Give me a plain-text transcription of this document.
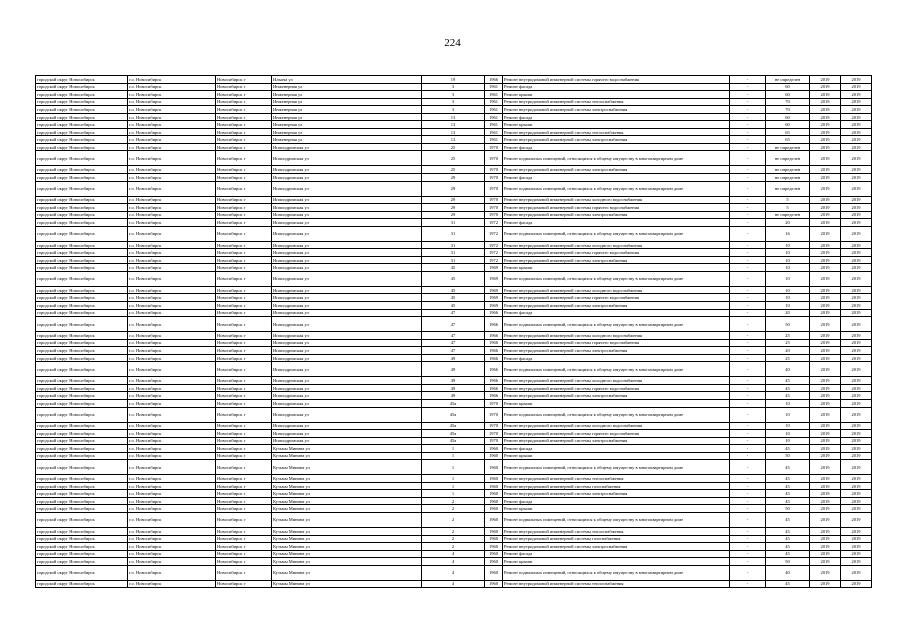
224
городской округ Новосибирск	г.о. Новосибирск	Новосибирск г	Ильича ул	19	1966	Ремонт внутридомовой инженерной системы горячего водоснабжения	-	не определен	2019	2019
городской округ Новосибирск	г.о. Новосибирск	Новосибирск г	Инженерная ул	3	1961	Ремонт фасада	-	60	2019	2019
городской округ Новосибирск	г.о. Новосибирск	Новосибирск г	Инженерная ул	3	1961	Ремонт крыши	-	60	2019	2019
городской округ Новосибирск	г.о. Новосибирск	Новосибирск г	Инженерная ул	3	1961	Ремонт внутридомовой инженерной системы теплоснабжения	-	70	2019	2019
городской округ Новосибирск	г.о. Новосибирск	Новосибирск г	Инженерная ул	3	1961	Ремонт внутридомовой инженерной системы электроснабжения	-	70	2019	2019
городской округ Новосибирск	г.о. Новосибирск	Новосибирск г	Инженерная ул	13	1961	Ремонт фасада	-	60	2019	2019
городской округ Новосибирск	г.о. Новосибирск	Новосибирск г	Инженерная ул	13	1961	Ремонт крыши	-	60	2019	2019
городской округ Новосибирск	г.о. Новосибирск	Новосибирск г	Инженерная ул	13	1961	Ремонт внутридомовой инженерной системы теплоснабжения	-	65	2019	2019
городской округ Новосибирск	г.о. Новосибирск	Новосибирск г	Инженерная ул	13	1961	Ремонт внутридомовой инженерной системы электроснабжения	-	65	2019	2019
городской округ Новосибирск	г.о. Новосибирск	Новосибирск г	Иппподромская ул	25	1970	Ремонт фасада	-	не определен	2019	2019
городской округ Новосибирск	г.о. Новосибирск	Новосибирск г	Иппподромская ул	25	1970	Ремонт подвальных помещений, относящихся к общему имуществу в многоквартирном доме	-	не определен	2019	2019
городской округ Новосибирск	г.о. Новосибирск	Новосибирск г	Иппподромская ул	25	1970	Ремонт внутридомовой инженерной системы электроснабжения	-	не определен	2019	2019
городской округ Новосибирск	г.о. Новосибирск	Новосибирск г	Иппподромская ул	29	1970	Ремонт фасада	-	не определен	2019	2019
городской округ Новосибирск	г.о. Новосибирск	Новосибирск г	Иппподромская ул	29	1970	Ремонт подвальных помещений, относящихся к общему имуществу в многоквартирном доме	-	не определен	2019	2019
городской округ Новосибирск	г.о. Новосибирск	Новосибирск г	Иппподромская ул	29	1970	Ремонт внутридомовой инженерной системы холодного водоснабжения	-	5	2019	2019
городской округ Новосибирск	г.о. Новосибирск	Новосибирск г	Иппподромская ул	29	1970	Ремонт внутридомовой инженерной системы горячего водоснабжения	-	5	2019	2019
городской округ Новосибирск	г.о. Новосибирск	Новосибирск г	Иппподромская ул	29	1970	Ремонт внутридомовой инженерной системы электроснабжения	-	не определен	2019	2019
городской округ Новосибирск	г.о. Новосибирск	Новосибирск г	Иппподромская ул	31	1972	Ремонт фасада	-	20	2019	2019
городской округ Новосибирск	г.о. Новосибирск	Новосибирск г	Иппподромская ул	31	1972	Ремонт подвальных помещений, относящихся к общему имуществу в многоквартирном доме	-	16	2019	2019
городской округ Новосибирск	г.о. Новосибирск	Новосибирск г	Иппподромская ул	31	1972	Ремонт внутридомовой инженерной системы холодного водоснабжения	-	10	2019	2019
городской округ Новосибирск	г.о. Новосибирск	Новосибирск г	Иппподромская ул	31	1972	Ремонт внутридомовой инженерной системы горячего водоснабжения	-	10	2019	2019
городской округ Новосибирск	г.о. Новосибирск	Новосибирск г	Иппподромская ул	31	1972	Ремонт внутридомовой инженерной системы электроснабжения	-	10	2019	2019
городской округ Новосибирск	г.о. Новосибирск	Новосибирск г	Иппподромская ул	45	1969	Ремонт крыши	-	10	2019	2019
городской округ Новосибирск	г.о. Новосибирск	Новосибирск г	Иппподромская ул	45	1969	Ремонт подвальных помещений, относящихся к общему имуществу в многоквартирном доме	-	10	2019	2019
городской округ Новосибирск	г.о. Новосибирск	Новосибирск г	Иппподромская ул	45	1969	Ремонт внутридомовой инженерной системы холодного водоснабжения	-	10	2019	2019
городской округ Новосибирск	г.о. Новосибирск	Новосибирск г	Иппподромская ул	45	1969	Ремонт внутридомовой инженерной системы горячего водоснабжения	-	10	2019	2019
городской округ Новосибирск	г.о. Новосибирск	Новосибирск г	Иппподромская ул	45	1969	Ремонт внутридомовой инженерной системы электроснабжения	-	10	2019	2019
городской округ Новосибирск	г.о. Новосибирск	Новосибирск г	Иппподромская ул	47	1966	Ремонт фасада	-	20	2019	2019
городской округ Новосибирск	г.о. Новосибирск	Новосибирск г	Иппподромская ул	47	1966	Ремонт подвальных помещений, относящихся к общему имуществу в многоквартирном доме	-	50	2019	2019
городской округ Новосибирск	г.о. Новосибирск	Новосибирск г	Иппподромская ул	47	1966	Ремонт внутридомовой инженерной системы холодного водоснабжения	-	25	2019	2019
городской округ Новосибирск	г.о. Новосибирск	Новосибирск г	Иппподромская ул	47	1966	Ремонт внутридомовой инженерной системы горячего водоснабжения	-	25	2019	2019
городской округ Новосибирск	г.о. Новосибирск	Новосибирск г	Иппподромская ул	47	1966	Ремонт внутридомовой инженерной системы электроснабжения	-	20	2019	2019
городской округ Новосибирск	г.о. Новосибирск	Новосибирск г	Иппподромская ул	49	1966	Ремонт фасада	-	25	2019	2019
городской округ Новосибирск	г.о. Новосибирск	Новосибирск г	Иппподромская ул	49	1966	Ремонт подвальных помещений, относящихся к общему имуществу в многоквартирном доме	-	40	2019	2019
городской округ Новосибирск	г.о. Новосибирск	Новосибирск г	Иппподромская ул	49	1966	Ремонт внутридомовой инженерной системы холодного водоснабжения	-	45	2019	2019
городской округ Новосибирск	г.о. Новосибирск	Новосибирск г	Иппподромская ул	49	1966	Ремонт внутридомовой инженерной системы горячего водоснабжения	-	45	2019	2019
городской округ Новосибирск	г.о. Новосибирск	Новосибирск г	Иппподромская ул	49	1966	Ремонт внутридомовой инженерной системы электроснабжения	-	45	2019	2019
городской округ Новосибирск	г.о. Новосибирск	Новосибирск г	Иппподромская ул	45а	1970	Ремонт крыши	-	10	2019	2019
городской округ Новосибирск	г.о. Новосибирск	Новосибирск г	Иппподромская ул	45а	1970	Ремонт подвальных помещений, относящихся к общему имуществу в многоквартирном доме	-	10	2019	2019
городской округ Новосибирск	г.о. Новосибирск	Новосибирск г	Иппподромская ул	45а	1970	Ремонт внутридомовой инженерной системы холодного водоснабжения	-	10	2019	2019
городской округ Новосибирск	г.о. Новосибирск	Новосибирск г	Иппподромская ул	45а	1970	Ремонт внутридомовой инженерной системы горячего водоснабжения	-	10	2019	2019
городской округ Новосибирск	г.о. Новосибирск	Новосибирск г	Иппподромская ул	45а	1970	Ремонт внутридомовой инженерной системы электроснабжения	-	10	2019	2019
городской округ Новосибирск	г.о. Новосибирск	Новосибирск г	Кузьмы Минина ул	1	1960	Ремонт фасада	-	45	2019	2019
городской округ Новосибирск	г.о. Новосибирск	Новосибирск г	Кузьмы Минина ул	1	1960	Ремонт крыши	-	50	2019	2019
городской округ Новосибирск	г.о. Новосибирск	Новосибирск г	Кузьмы Минина ул	1	1960	Ремонт подвальных помещений, относящихся к общему имуществу в многоквартирном доме	-	45	2019	2019
городской округ Новосибирск	г.о. Новосибирск	Новосибирск г	Кузьмы Минина ул	1	1960	Ремонт внутридомовой инженерной системы теплоснабжения	-	45	2019	2019
городской округ Новосибирск	г.о. Новосибирск	Новосибирск г	Кузьмы Минина ул	1	1960	Ремонт внутридомовой инженерной системы газоснабжения	-	45	2019	2019
городской округ Новосибирск	г.о. Новосибирск	Новосибирск г	Кузьмы Минина ул	1	1960	Ремонт внутридомовой инженерной системы электроснабжения	-	45	2019	2019
городской округ Новосибирск	г.о. Новосибирск	Новосибирск г	Кузьмы Минина ул	2	1960	Ремонт фасада	-	45	2019	2019
городской округ Новосибирск	г.о. Новосибирск	Новосибирск г	Кузьмы Минина ул	2	1960	Ремонт крыши	-	50	2019	2019
городской округ Новосибирск	г.о. Новосибирск	Новосибирск г	Кузьмы Минина ул	2	1960	Ремонт подвальных помещений, относящихся к общему имуществу в многоквартирном доме	-	45	2019	2019
городской округ Новосибирск	г.о. Новосибирск	Новосибирск г	Кузьмы Минина ул	2	1960	Ремонт внутридомовой инженерной системы теплоснабжения	-	45	2019	2019
городской округ Новосибирск	г.о. Новосибирск	Новосибирск г	Кузьмы Минина ул	2	1960	Ремонт внутридомовой инженерной системы газоснабжения	-	45	2019	2019
городской округ Новосибирск	г.о. Новосибирск	Новосибирск г	Кузьмы Минина ул	2	1960	Ремонт внутридомовой инженерной системы электроснабжения	-	45	2019	2019
городской округ Новосибирск	г.о. Новосибирск	Новосибирск г	Кузьмы Минина ул	4	1960	Ремонт фасада	-	45	2019	2019
городской округ Новосибирск	г.о. Новосибирск	Новосибирск г	Кузьмы Минина ул	4	1960	Ремонт крыши	-	50	2019	2019
городской округ Новосибирск	г.о. Новосибирск	Новосибирск г	Кузьмы Минина ул	4	1960	Ремонт подвальных помещений, относящихся к общему имуществу в многоквартирном доме	-	40	2019	2019
городской округ Новосибирск	г.о. Новосибирск	Новосибирск г	Кузьмы Минина ул	4	1960	Ремонт внутридомовой инженерной системы теплоснабжения	-	45	2019	2019
